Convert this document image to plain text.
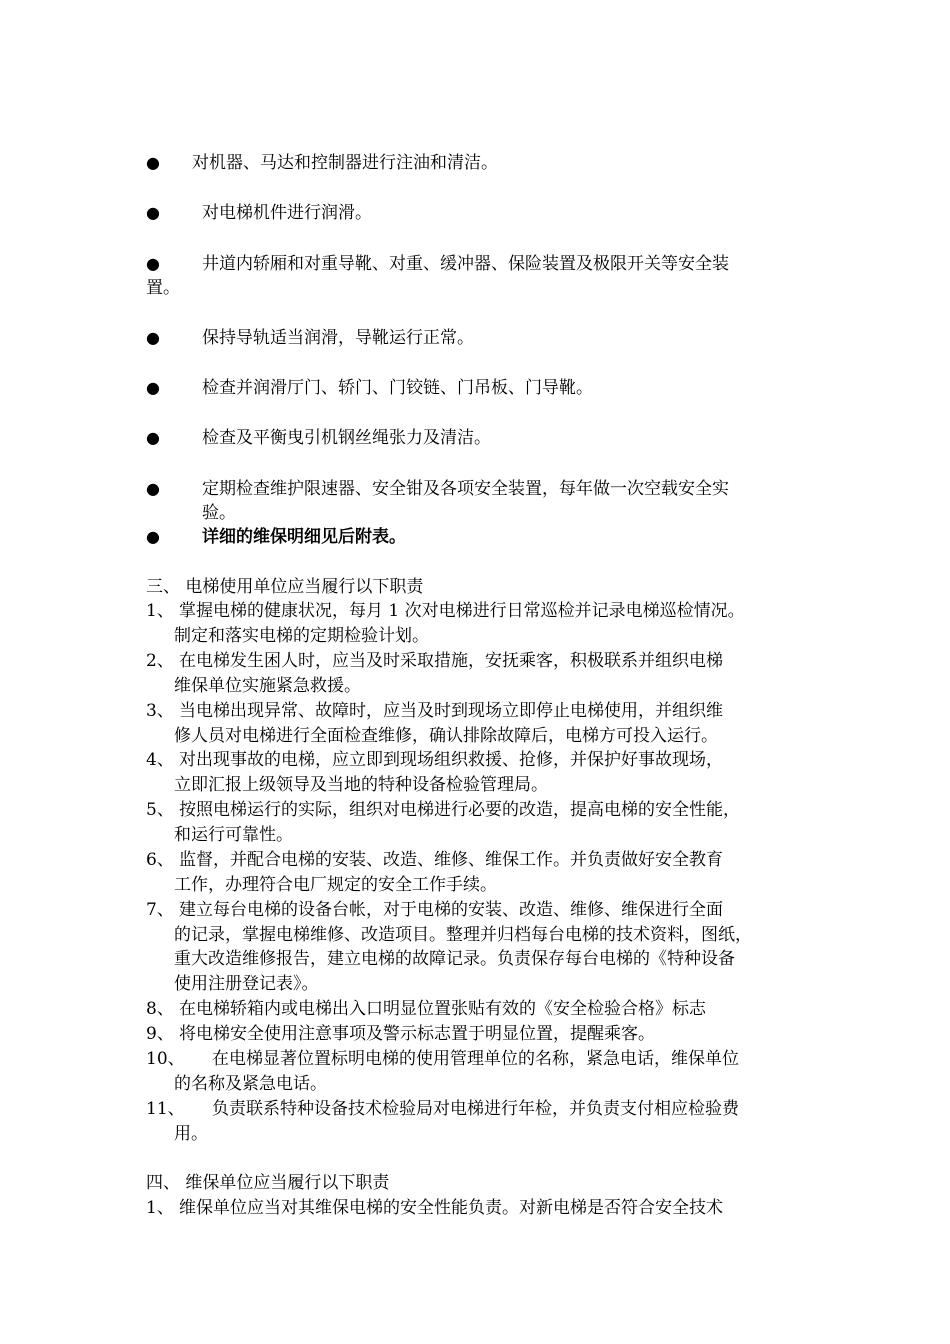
● 对机器、马达和控制器进行注油和清洁。
● 对电梯机件进行润滑。
● 井道内轿厢和对重导靴、对重、缓冲器、保险装置及极限开关等安全装
置。
● 保持导轨适当润滑，导靴运行正常。
● 检查并润滑厅门、轿门、门铰链、门吊板、门导靴。
● 检查及平衡曳引机钢丝绳张力及清洁。
● 定期检查维护限速器、安全钳及各项安全装置，每年做一次空载安全实
验。
● 详细的维保明细见后附表。
三、 电梯使用单位应当履行以下职责
1、 掌握电梯的健康状况，每月 1 次对电梯进行日常巡检并记录电梯巡检情况。
制定和落实电梯的定期检验计划。
2、 在电梯发生困人时，应当及时采取措施，安抚乘客，积极联系并组织电梯
维保单位实施紧急救援。
3、 当电梯出现异常、故障时，应当及时到现场立即停止电梯使用，并组织维
修人员对电梯进行全面检查维修，确认排除故障后，电梯方可投入运行。
4、 对出现事故的电梯，应立即到现场组织救援、抢修，并保护好事故现场，
立即汇报上级领导及当地的特种设备检验管理局。
5、 按照电梯运行的实际，组织对电梯进行必要的改造，提高电梯的安全性能，
和运行可靠性。
6、 监督，并配合电梯的安装、改造、维修、维保工作。并负责做好安全教育
工作，办理符合电厂规定的安全工作手续。
7、 建立每台电梯的设备台帐，对于电梯的安装、改造、维修、维保进行全面
的记录，掌握电梯维修、改造项目。整理并归档每台电梯的技术资料，图纸，
重大改造维修报告，建立电梯的故障记录。负责保存每台电梯的《特种设备
使用注册登记表》。
8、 在电梯轿箱内或电梯出入口明显位置张贴有效的《安全检验合格》标志
9、 将电梯安全使用注意事项及警示标志置于明显位置，提醒乘客。
10、 在电梯显著位置标明电梯的使用管理单位的名称，紧急电话，维保单位
的名称及紧急电话。
11、 负责联系特种设备技术检验局对电梯进行年检，并负责支付相应检验费
用。
四、 维保单位应当履行以下职责
1、 维保单位应当对其维保电梯的安全性能负责。对新电梯是否符合安全技术
